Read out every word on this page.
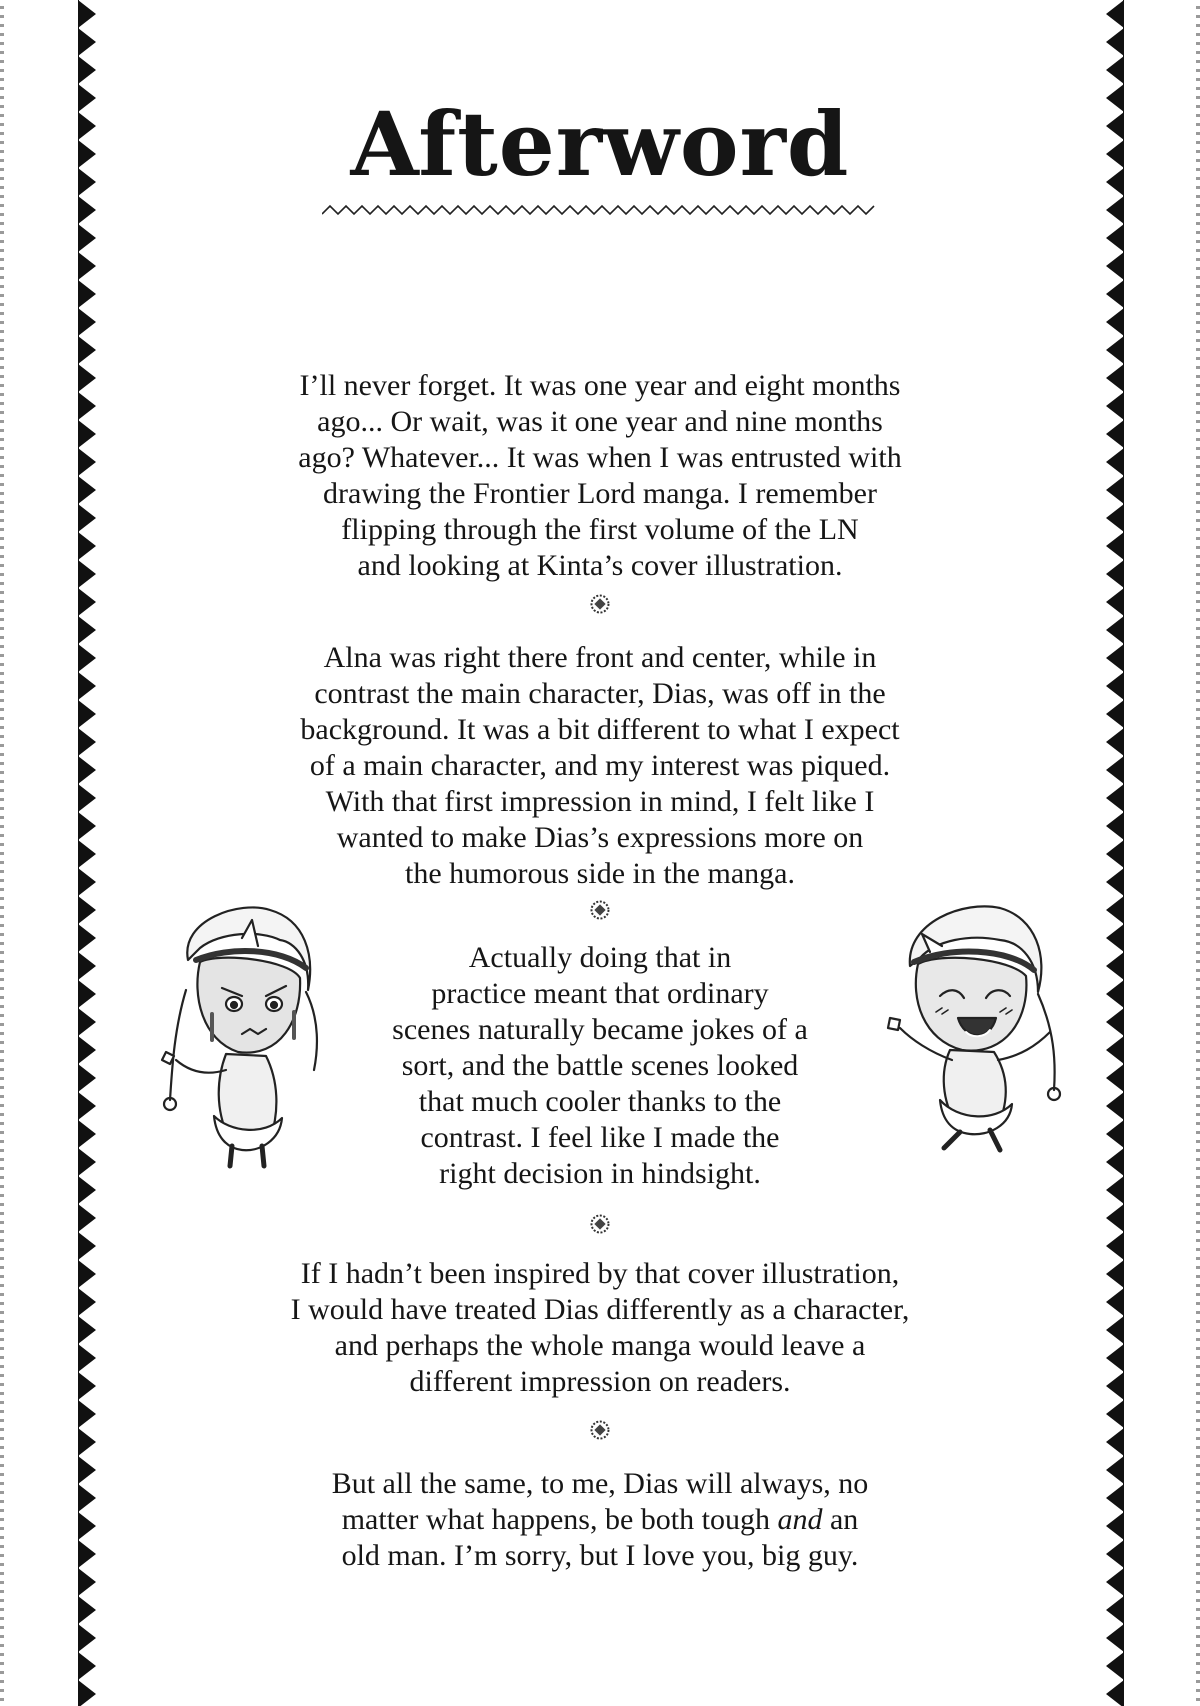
Afterword

I’ll never forget. It was one year and eight months
ago... Or wait, was it one year and nine months
ago? Whatever... It was when I was entrusted with
drawing the Frontier Lord manga. I remember
flipping through the first volume of the LN
and looking at Kinta’s cover illustration.

Alna was right there front and center, while in
contrast the main character, Dias, was off in the
background. It was a bit different to what I expect
of a main character, and my interest was piqued.
With that first impression in mind, I felt like I
wanted to make Dias’s expressions more on
the humorous side in the manga.

Actually doing that in
practice meant that ordinary
scenes naturally became jokes of a
sort, and the battle scenes looked
that much cooler thanks to the
contrast. I feel like I made the
right decision in hindsight.

If I hadn’t been inspired by that cover illustration,
I would have treated Dias differently as a character,
and perhaps the whole manga would leave a
different impression on readers.

But all the same, to me, Dias will always, no
matter what happens, be both tough and an
old man. I’m sorry, but I love you, big guy.
